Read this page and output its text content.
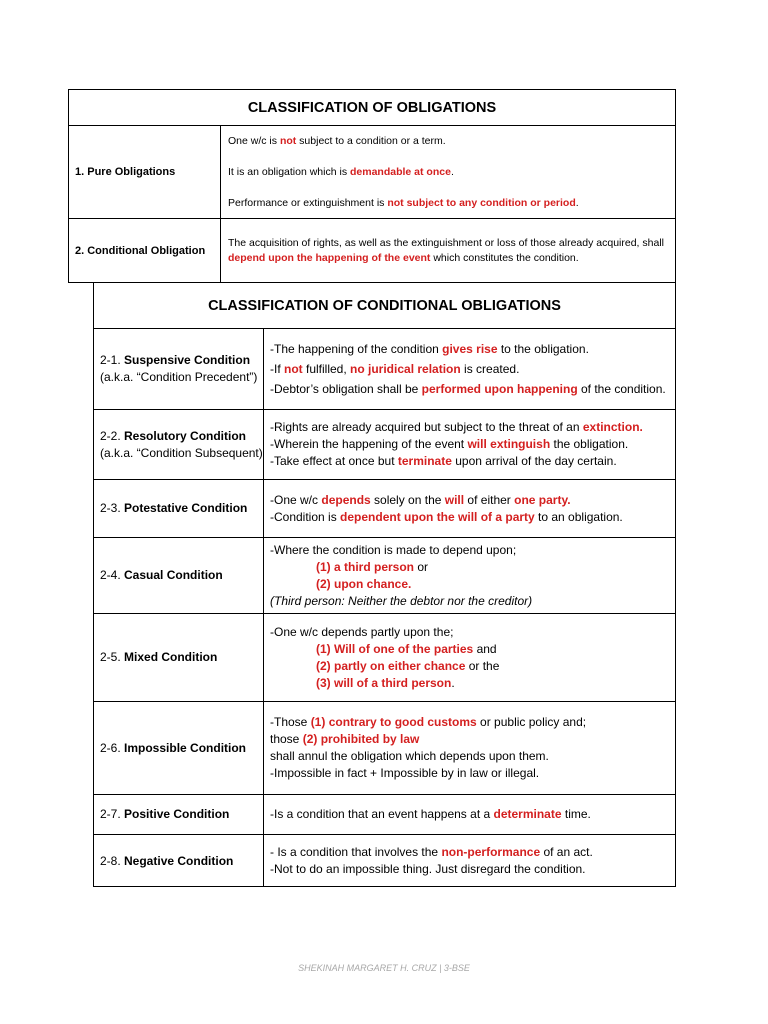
CLASSIFICATION OF OBLIGATIONS
1. Pure Obligations

One w/c is not subject to a condition or a term.

It is an obligation which is demandable at once.

Performance or extinguishment is not subject to any condition or period.

2. Conditional Obligation
The acquisition of rights, as well as the extinguishment or loss of those already acquired, shall depend upon the happening of the event which constitutes the condition.
CLASSIFICATION OF CONDITIONAL OBLIGATIONS
2-1. Suspensive Condition
(a.k.a. “Condition Precedent”)
-The happening of the condition gives rise to the obligation.
-If not fulfilled, no juridical relation is created.
-Debtor’s obligation shall be performed upon happening of the condition.
2-2. Resolutory Condition
(a.k.a. “Condition Subsequent)
-Rights are already acquired but subject to the threat of an extinction.
-Wherein the happening of the event will extinguish the obligation.
-Take effect at once but terminate upon arrival of the day certain.
2-3. Potestative Condition
-One w/c depends solely on the will of either one party.
-Condition is dependent upon the will of a party to an obligation.
2-4. Casual Condition
-Where the condition is made to depend upon;
(1) a third person or
(2) upon chance.
(Third person: Neither the debtor nor the creditor)
2-5. Mixed Condition
-One w/c depends partly upon the;
(1) Will of one of the parties and
(2) partly on either chance or the
(3) will of a third person.
2-6. Impossible Condition
-Those (1) contrary to good customs or public policy and;
those (2) prohibited by law
shall annul the obligation which depends upon them.
-Impossible in fact + Impossible by in law or illegal.
2-7. Positive Condition	-Is a condition that an event happens at a determinate time.
2-8. Negative Condition
- Is a condition that involves the non-performance of an act.
-Not to do an impossible thing. Just disregard the condition.
SHEKINAH MARGARET H. CRUZ | 3-BSE
